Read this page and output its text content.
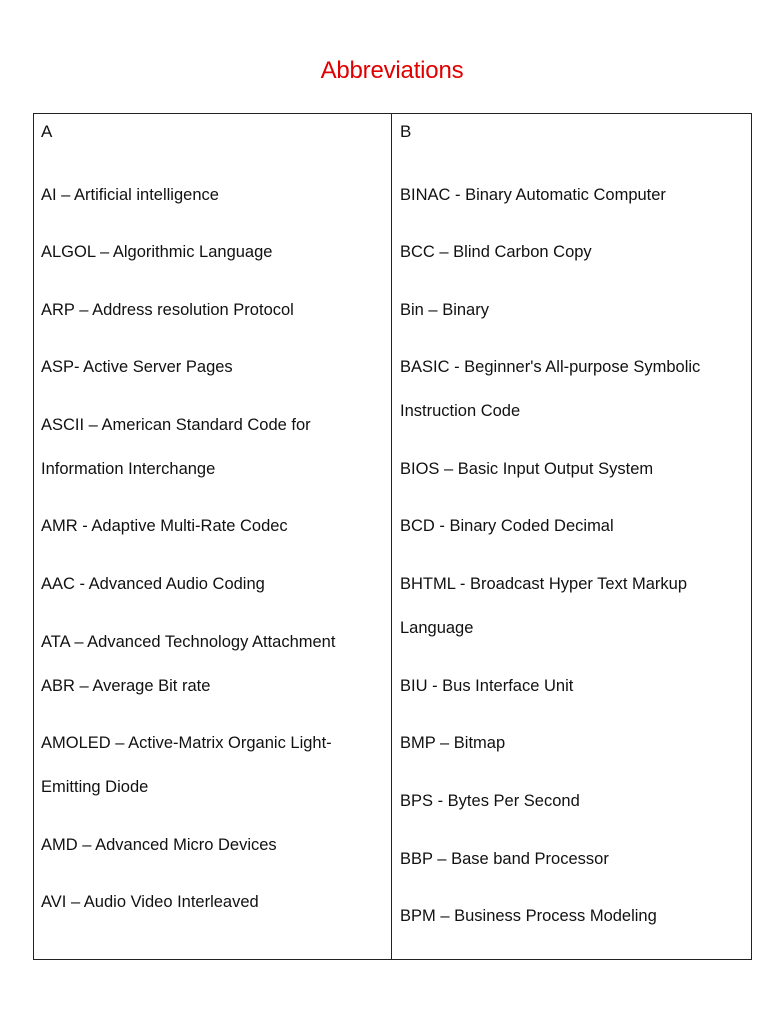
Abbreviations
A
AI – Artificial intelligence
ALGOL – Algorithmic Language
ARP – Address resolution Protocol
ASP- Active Server Pages
ASCII – American Standard Code for
Information Interchange
AMR - Adaptive Multi-Rate Codec
AAC - Advanced Audio Coding
ATA – Advanced Technology Attachment
ABR – Average Bit rate
AMOLED – Active-Matrix Organic Light-
Emitting Diode
AMD – Advanced Micro Devices
AVI – Audio Video Interleaved
B
BINAC - Binary Automatic Computer
BCC – Blind Carbon Copy
Bin – Binary
BASIC - Beginner's All-purpose Symbolic
Instruction Code
BIOS – Basic Input Output System
BCD - Binary Coded Decimal
BHTML - Broadcast Hyper Text Markup
Language
BIU - Bus Interface Unit
BMP – Bitmap
BPS - Bytes Per Second
BBP – Base band Processor
BPM – Business Process Modeling
